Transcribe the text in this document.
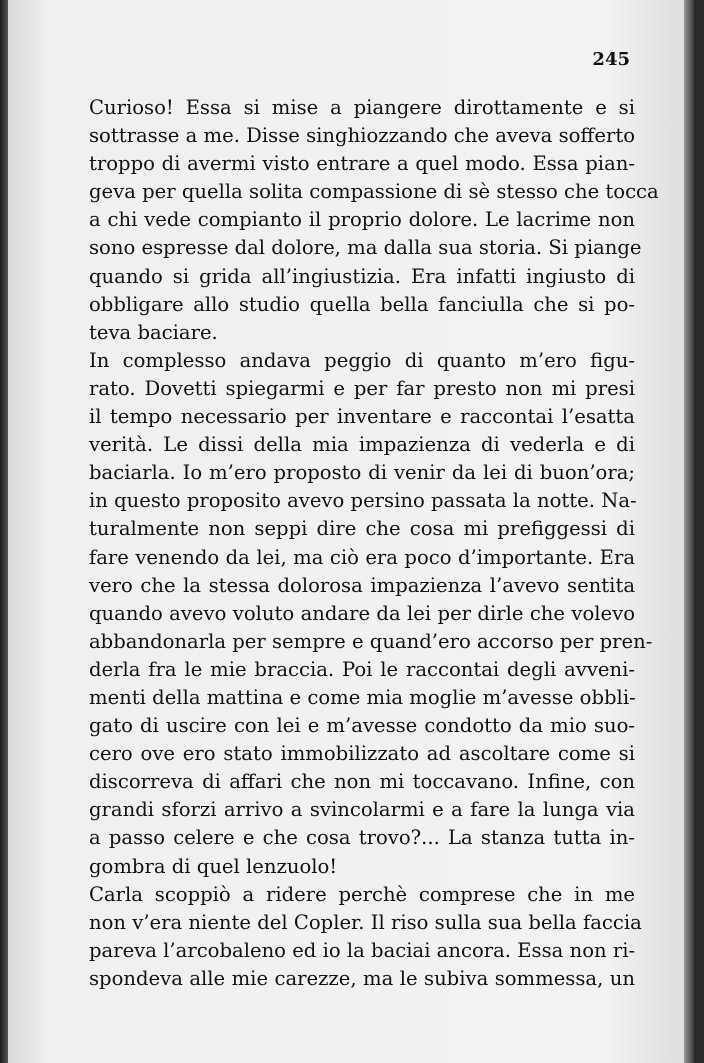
245

Curioso! Essa si mise a piangere dirottamente e si
sottrasse a me. Disse singhiozzando che aveva sofferto
troppo di avermi visto entrare a quel modo. Essa pian-
geva per quella solita compassione di sè stesso che tocca
a chi vede compianto il proprio dolore. Le lacrime non
sono espresse dal dolore, ma dalla sua storia. Si piange
quando si grida all’ingiustizia. Era infatti ingiusto di
obbligare allo studio quella bella fanciulla che si po-
teva baciare.

In complesso andava peggio di quanto m’ero figu-
rato. Dovetti spiegarmi e per far presto non mi presi
il tempo necessario per inventare e raccontai l’esatta
verità. Le dissi della mia impazienza di vederla e di
baciarla. Io m’ero proposto di venir da lei di buon’ora;
in questo proposito avevo persino passata la notte. Na-
turalmente non seppi dire che cosa mi prefiggessi di
fare venendo da lei, ma ciò era poco d’importante. Era
vero che la stessa dolorosa impazienza l’avevo sentita
quando avevo voluto andare da lei per dirle che volevo
abbandonarla per sempre e quand’ero accorso per pren-
derla fra le mie braccia. Poi le raccontai degli avveni-
menti della mattina e come mia moglie m’avesse obbli-
gato di uscire con lei e m’avesse condotto da mio suo-
cero ove ero stato immobilizzato ad ascoltare come si
discorreva di affari che non mi toccavano. Infine, con
grandi sforzi arrivo a svincolarmi e a fare la lunga via
a passo celere e che cosa trovo?... La stanza tutta in-
gombra di quel lenzuolo!

Carla scoppiò a ridere perchè comprese che in me
non v’era niente del Copler. Il riso sulla sua bella faccia
pareva l’arcobaleno ed io la baciai ancora. Essa non ri-
spondeva alle mie carezze, ma le subiva sommessa, un
